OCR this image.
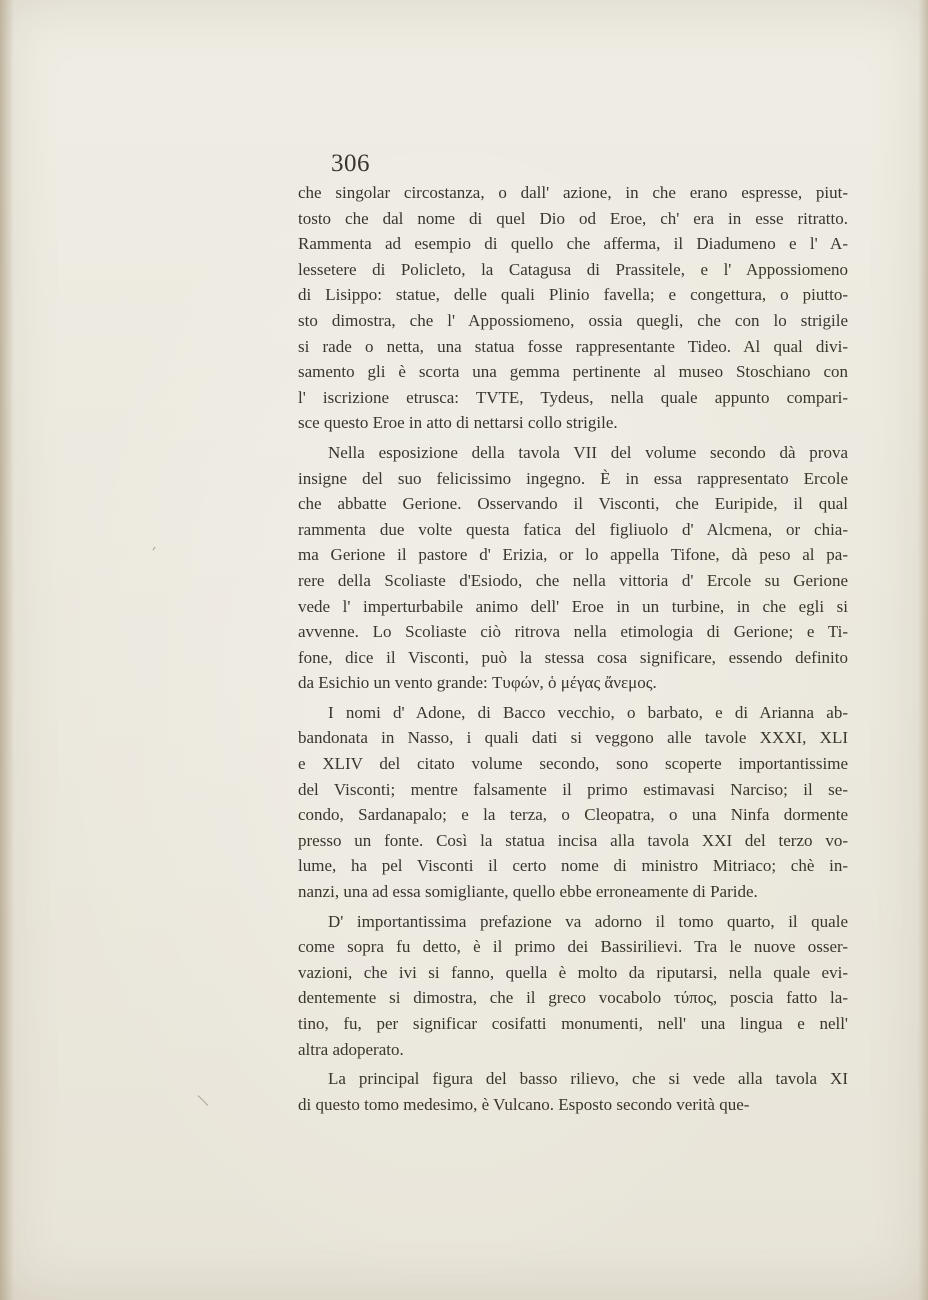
306
che singolar circostanza, o dall' azione, in che erano espresse, piut-
tosto che dal nome di quel Dio od Eroe, ch' era in esse ritratto.
Rammenta ad esempio di quello che afferma, il Diadumeno e l' A-
lessetere di Policleto, la Catagusa di Prassitele, e l' Appossiomeno
di Lisippo: statue, delle quali Plinio favella; e congettura, o piutto-
sto dimostra, che l' Appossiomeno, ossia quegli, che con lo strigile
si rade o netta, una statua fosse rappresentante Tideo. Al qual divi-
samento gli è scorta una gemma pertinente al museo Stoschiano con
l' iscrizione etrusca: TVTE, Tydeus, nella quale appunto compari-
sce questo Eroe in atto di nettarsi collo strigile.
Nella esposizione della tavola VII del volume secondo dà prova
insigne del suo felicissimo ingegno. È in essa rappresentato Ercole
che abbatte Gerione. Osservando il Visconti, che Euripide, il qual
rammenta due volte questa fatica del figliuolo d' Alcmena, or chia-
ma Gerione il pastore d' Erizia, or lo appella Tifone, dà peso al pa-
rere della Scoliaste d'Esiodo, che nella vittoria d' Ercole su Gerione
vede l' imperturbabile animo dell' Eroe in un turbine, in che egli si
avvenne. Lo Scoliaste ciò ritrova nella etimologia di Gerione; e Ti-
fone, dice il Visconti, può la stessa cosa significare, essendo definito
da Esichio un vento grande: Τυφών, ὁ μέγας ἄνεμος.
I nomi d' Adone, di Bacco vecchio, o barbato, e di Arianna ab-
bandonata in Nasso, i quali dati si veggono alle tavole XXXI, XLI
e XLIV del citato volume secondo, sono scoperte importantissime
del Visconti; mentre falsamente il primo estimavasi Narciso; il se-
condo, Sardanapalo; e la terza, o Cleopatra, o una Ninfa dormente
presso un fonte. Così la statua incisa alla tavola XXI del terzo vo-
lume, ha pel Visconti il certo nome di ministro Mitriaco; chè in-
nanzi, una ad essa somigliante, quello ebbe erroneamente di Paride.
D' importantissima prefazione va adorno il tomo quarto, il quale
come sopra fu detto, è il primo dei Bassirilievi. Tra le nuove osser-
vazioni, che ivi si fanno, quella è molto da riputarsi, nella quale evi-
dentemente si dimostra, che il greco vocabolo τύπος, poscia fatto la-
tino, fu, per significar cosifatti monumenti, nell' una lingua e nell'
altra adoperato.
La principal figura del basso rilievo, che si vede alla tavola XI
di questo tomo medesimo, è Vulcano. Esposto secondo verità que-
